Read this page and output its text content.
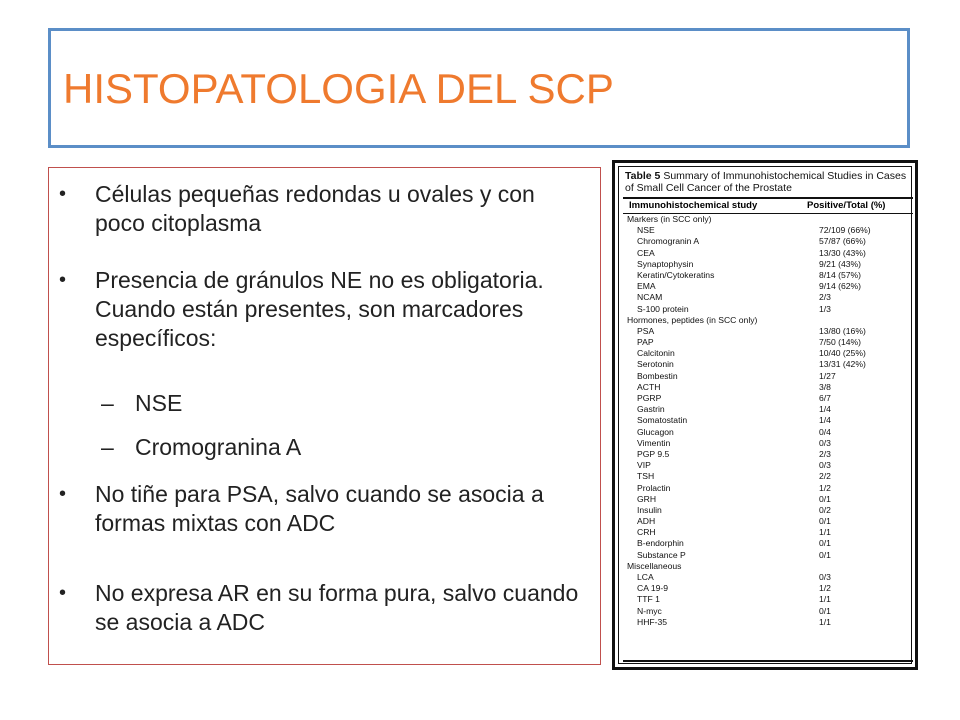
HISTOPATOLOGIA DEL SCP
• Células pequeñas redondas u ovales y con poco citoplasma
• Presencia de gránulos NE no es obligatoria. Cuando están presentes, son marcadores específicos:
– NSE
– Cromogranina A
• No tiñe para PSA, salvo cuando se asocia a formas mixtas con ADC
• No expresa AR en su forma pura, salvo cuando se asocia a ADC
Table 5 Summary of Immunohistochemical Studies in Cases of Small Cell Cancer of the Prostate
Immunohistochemical study	Positive/Total (%)
Markers (in SCC only)
NSE	72/109 (66%)
Chromogranin A	57/87 (66%)
CEA	13/30 (43%)
Synaptophysin	9/21 (43%)
Keratin/Cytokeratins	8/14 (57%)
EMA	9/14 (62%)
NCAM	2/3
S-100 protein	1/3
Hormones, peptides (in SCC only)
PSA	13/80 (16%)
PAP	7/50 (14%)
Calcitonin	10/40 (25%)
Serotonin	13/31 (42%)
Bombestin	1/27
ACTH	3/8
PGRP	6/7
Gastrin	1/4
Somatostatin	1/4
Glucagon	0/4
Vimentin	0/3
PGP 9.5	2/3
VIP	0/3
TSH	2/2
Prolactin	1/2
GRH	0/1
Insulin	0/2
ADH	0/1
CRH	1/1
B-endorphin	0/1
Substance P	0/1
Miscellaneous
LCA	0/3
CA 19-9	1/2
TTF 1	1/1
N-myc	0/1
HHF-35	1/1
